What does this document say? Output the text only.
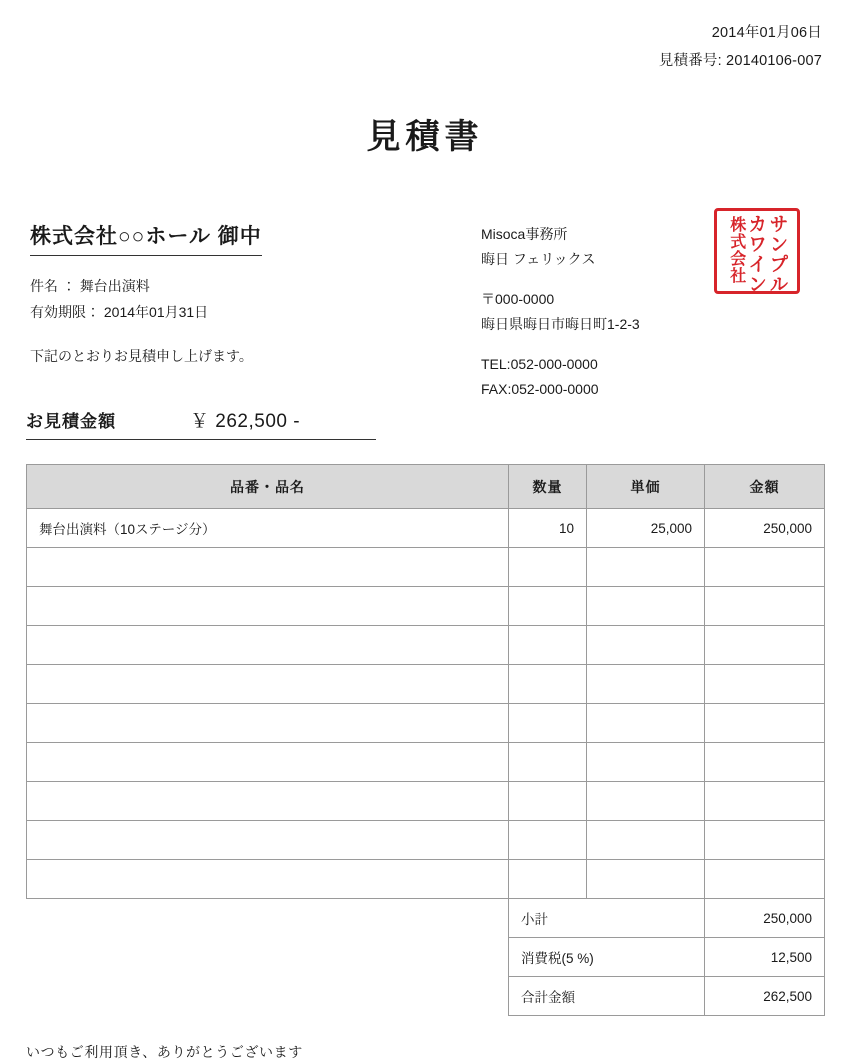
2014年01月06日
見積番号: 20140106-007
見積書
株式会社○○ホール 御中
件名 ： 舞台出演料
有効期限： 2014年01月31日
下記のとおりお見積申し上げます。
Misoca事務所
晦日 フェリックス
〒000-0000
晦日県晦日市晦日町1-2-3
TEL:052-000-0000
FAX:052-000-0000
サンプル
カワイン
株式会社
お見積金額	￥ 262,500 -
品番・品名	数量	単価	金額
舞台出演料（10ステージ分）	10	25,000	250,000

	小計		250,000
	消費税(5 %)		12,500
	合計金額		262,500
いつもご利用頂き、ありがとうございます
